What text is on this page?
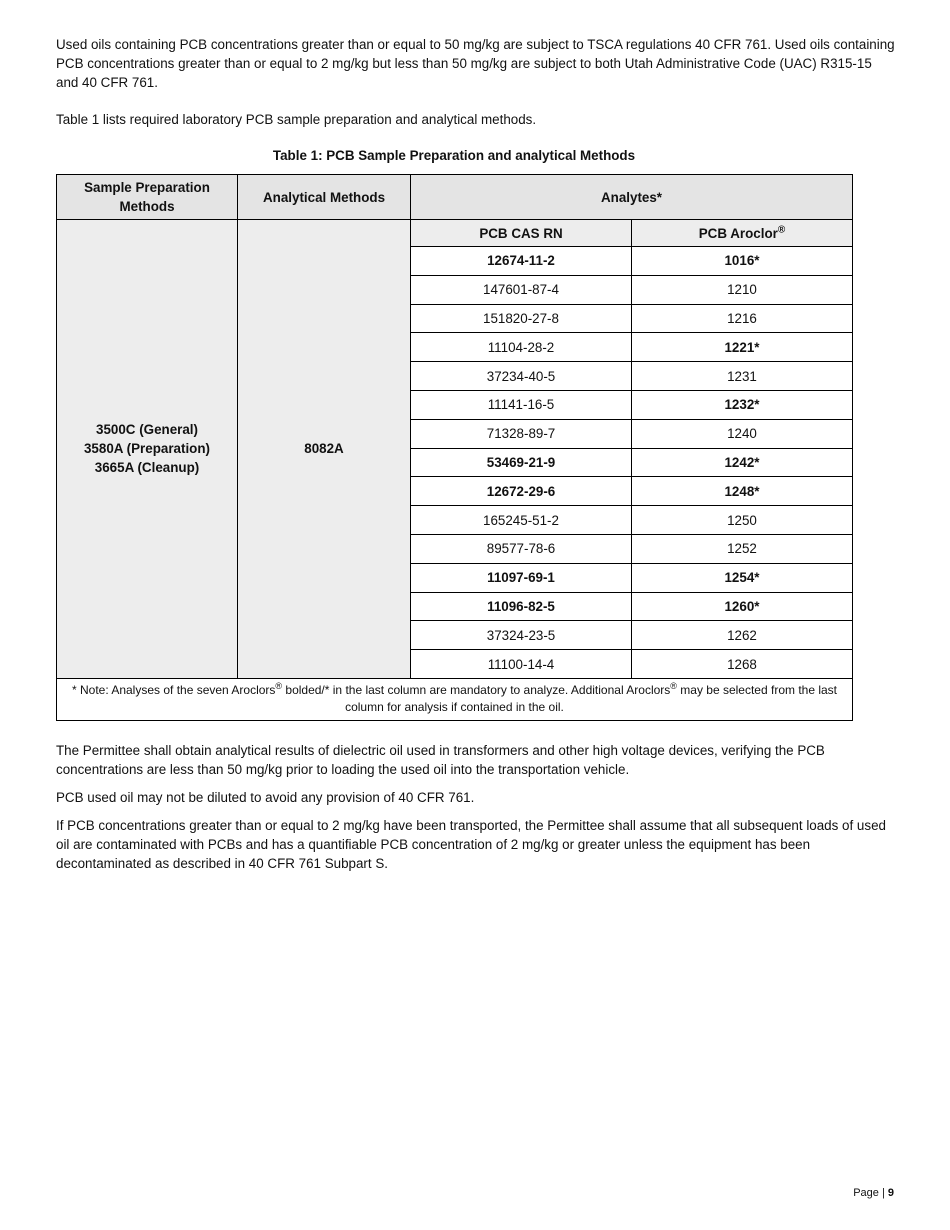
Used oils containing PCB concentrations greater than or equal to 50 mg/kg are subject to TSCA regulations 40 CFR 761. Used oils containing PCB concentrations greater than or equal to 2 mg/kg but less than 50 mg/kg are subject to both Utah Administrative Code (UAC) R315-15 and 40 CFR 761.

Table 1 lists required laboratory PCB sample preparation and analytical methods.

Table 1: PCB Sample Preparation and analytical Methods
Sample Preparation Methods	Analytical Methods	Analytes*	

3500C (General)
3580A (Preparation)
3665A (Cleanup)	8082A	PCB CAS RN	PCB Aroclor®
		12674-11-2	1016*
		147601-87-4	1210
		151820-27-8	1216
		11104-28-2	1221*
		37234-40-5	1231
		11141-16-5	1232*
		71328-89-7	1240
		53469-21-9	1242*
		12672-29-6	1248*
		165245-51-2	1250
		89577-78-6	1252
		11097-69-1	1254*
		11096-82-5	1260*
		37324-23-5	1262
		11100-14-4	1268
* Note: Analyses of the seven Aroclors® bolded/* in the last column are mandatory to analyze. Additional Aroclors® may be selected from the last column for analysis if contained in the oil.			

The Permittee shall obtain analytical results of dielectric oil used in transformers and other high voltage devices, verifying the PCB concentrations are less than 50 mg/kg prior to loading the used oil into the transportation vehicle.

PCB used oil may not be diluted to avoid any provision of 40 CFR 761.

If PCB concentrations greater than or equal to 2 mg/kg have been transported, the Permittee shall assume that all subsequent loads of used oil are contaminated with PCBs and has a quantifiable PCB concentration of 2 mg/kg or greater unless the equipment has been decontaminated as described in 40 CFR 761 Subpart S.

Page | 9
